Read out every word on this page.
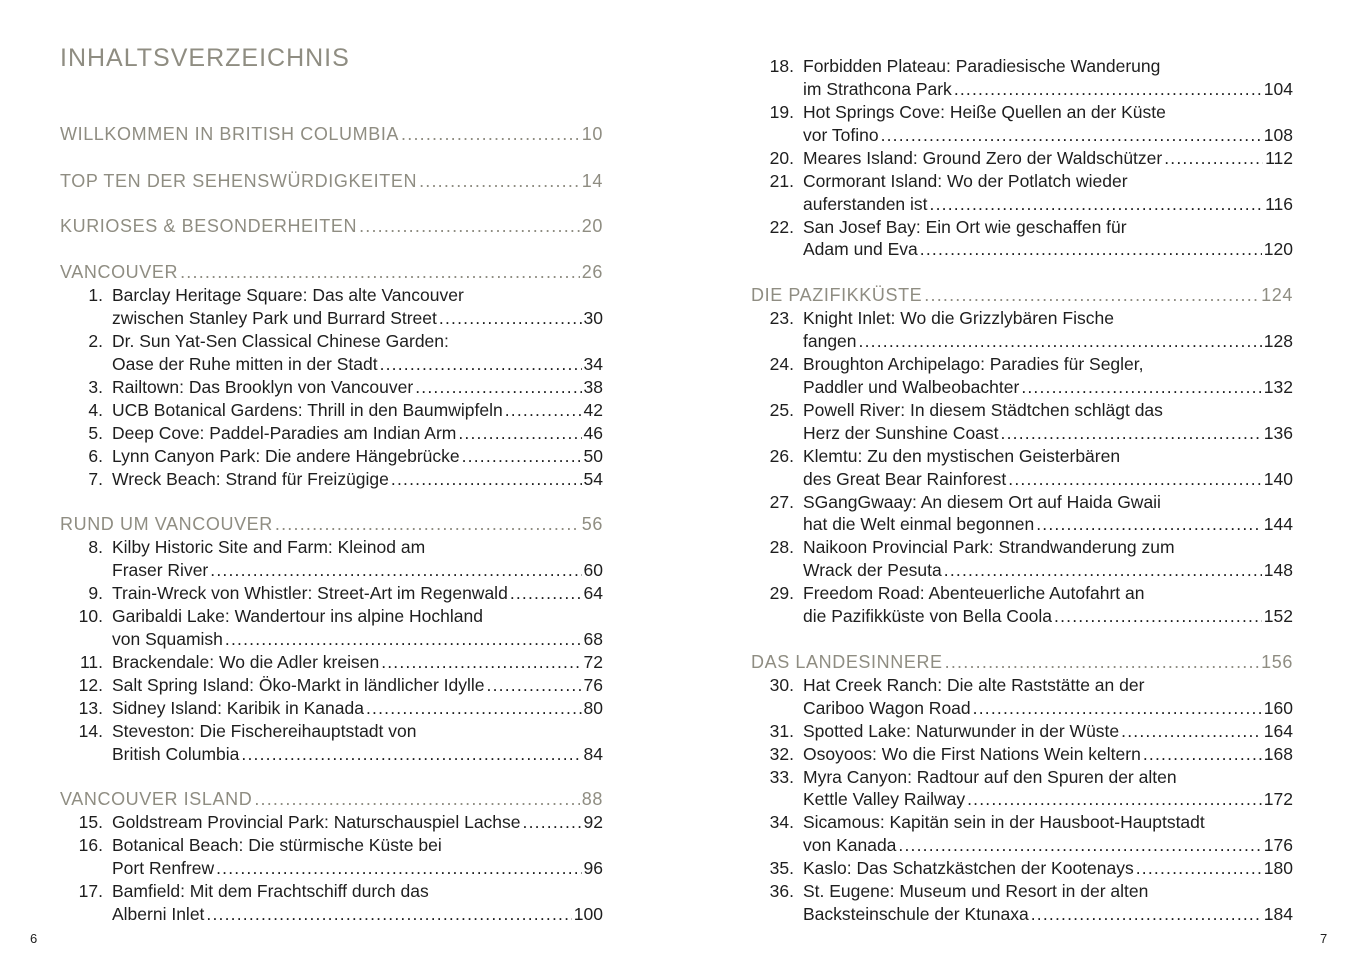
INHALTSVERZEICHNIS
WILLKOMMEN IN BRITISH COLUMBIA .....	10
TOP TEN DER SEHENSWÜRDIGKEITEN .....	14
KURIOSES & BESONDERHEITEN .....	20
VANCOUVER .....	26
1. Barclay Heritage Square: Das alte Vancouver
zwischen Stanley Park und Burrard Street .....	30
2. Dr. Sun Yat-Sen Classical Chinese Garden:
Oase der Ruhe mitten in der Stadt .....	34
3. Railtown: Das Brooklyn von Vancouver .....	38
4. UCB Botanical Gardens: Thrill in den Baumwipfeln .....	42
5. Deep Cove: Paddel-Paradies am Indian Arm .....	46
6. Lynn Canyon Park: Die andere Hängebrücke .....	50
7. Wreck Beach: Strand für Freizügige .....	54
RUND UM VANCOUVER .....	56
8. Kilby Historic Site and Farm: Kleinod am
Fraser River .....	60
9. Train-Wreck von Whistler: Street-Art im Regenwald .....	64
10. Garibaldi Lake: Wandertour ins alpine Hochland
von Squamish .....	68
11. Brackendale: Wo die Adler kreisen .....	72
12. Salt Spring Island: Öko-Markt in ländlicher Idylle .....	76
13. Sidney Island: Karibik in Kanada .....	80
14. Steveston: Die Fischereihauptstadt von
British Columbia .....	84
VANCOUVER ISLAND .....	88
15. Goldstream Provincial Park: Naturschauspiel Lachse .....	92
16. Botanical Beach: Die stürmische Küste bei
Port Renfrew .....	96
17. Bamfield: Mit dem Frachtschiff durch das
Alberni Inlet .....	100
6
18. Forbidden Plateau: Paradiesische Wanderung
im Strathcona Park .....	104
19. Hot Springs Cove: Heiße Quellen an der Küste
vor Tofino .....	108
20. Meares Island: Ground Zero der Waldschützer .....	112
21. Cormorant Island: Wo der Potlatch wieder
auferstanden ist .....	116
22. San Josef Bay: Ein Ort wie geschaffen für
Adam und Eva .....	120
DIE PAZIFIKKÜSTE .....	124
23. Knight Inlet: Wo die Grizzlybären Fische
fangen .....	128
24. Broughton Archipelago: Paradies für Segler,
Paddler und Walbeobachter .....	132
25. Powell River: In diesem Städtchen schlägt das
Herz der Sunshine Coast .....	136
26. Klemtu: Zu den mystischen Geisterbären
des Great Bear Rainforest .....	140
27. SGangGwaay: An diesem Ort auf Haida Gwaii
hat die Welt einmal begonnen .....	144
28. Naikoon Provincial Park: Strandwanderung zum
Wrack der Pesuta .....	148
29. Freedom Road: Abenteuerliche Autofahrt an
die Pazifikküste von Bella Coola .....	152
DAS LANDESINNERE .....	156
30. Hat Creek Ranch: Die alte Raststätte an der
Cariboo Wagon Road .....	160
31. Spotted Lake: Naturwunder in der Wüste .....	164
32. Osoyoos: Wo die First Nations Wein keltern .....	168
33. Myra Canyon: Radtour auf den Spuren der alten
Kettle Valley Railway .....	172
34. Sicamous: Kapitän sein in der Hausboot-Hauptstadt
von Kanada .....	176
35. Kaslo: Das Schatzkästchen der Kootenays .....	180
36. St. Eugene: Museum und Resort in der alten
Backsteinschule der Ktunaxa .....	184
7
